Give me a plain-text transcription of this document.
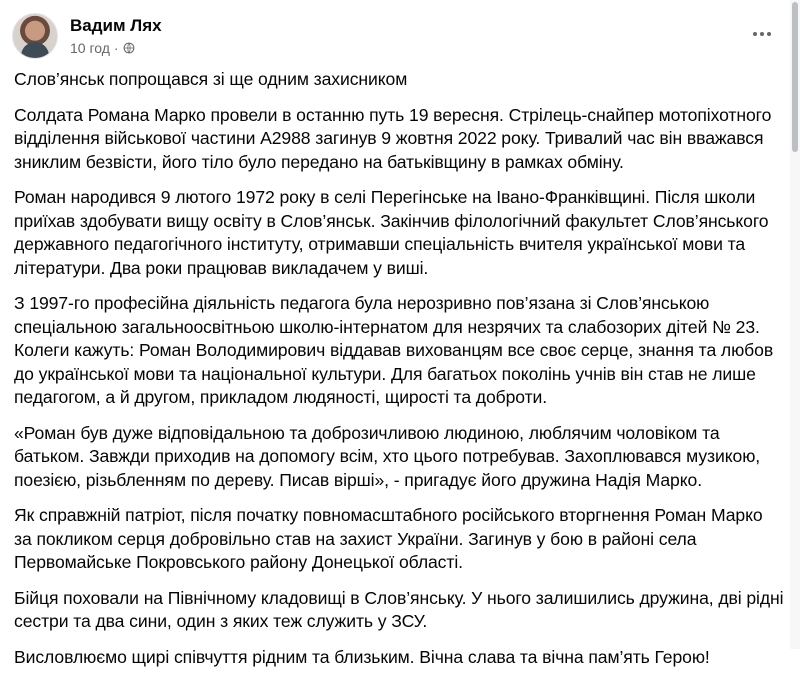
Вадим Лях
10 год ·

Слов’янськ попрощався зі ще одним захисником

Солдата Романа Марко провели в останню путь 19 вересня. Стрілець-снайпер мотопіхотного відділення військової частини А2988 загинув 9 жовтня 2022 року. Тривалий час він вважався зниклим безвісти, його тіло було передано на батьківщину в рамках обміну.

Роман народився 9 лютого 1972 року в селі Перегінське на Івано-Франківщині. Після школи приїхав здобувати вищу освіту в Слов’янськ. Закінчив філологічний факультет Слов’янського державного педагогічного інституту, отримавши спеціальність вчителя української мови та літератури. Два роки працював викладачем у виші.

З 1997-го професійна діяльність педагога була нерозривно пов’язана зі Слов’янською спеціальною загальноосвітньою школю-інтернатом для незрячих та слабозорих дітей № 23. Колеги кажуть: Роман Володимирович віддавав вихованцям все своє серце, знання та любов до української мови та національної культури. Для багатьох поколінь учнів він став не лише педагогом, а й другом, прикладом людяності, щирості та доброти.

«Роман був дуже відповідальною та доброзичливою людиною, люблячим чоловіком та батьком. Завжди приходив на допомогу всім, хто цього потребував. Захоплювався музикою, поезією, різьбленням по дереву. Писав вірші», - пригадує його дружина Надія Марко.

Як справжній патріот, після початку повномасштабного російського вторгнення Роман Марко за покликом серця добровільно став на захист України. Загинув у бою в районі села Первомайське Покровського району Донецької області.

Бійця поховали на Північному кладовищі в Слов’янську. У нього залишились дружина, дві рідні сестри та два сини, один з яких теж служить у ЗСУ.

Висловлюємо щирі співчуття рідним та близьким. Вічна слава та вічна пам’ять Герою!
